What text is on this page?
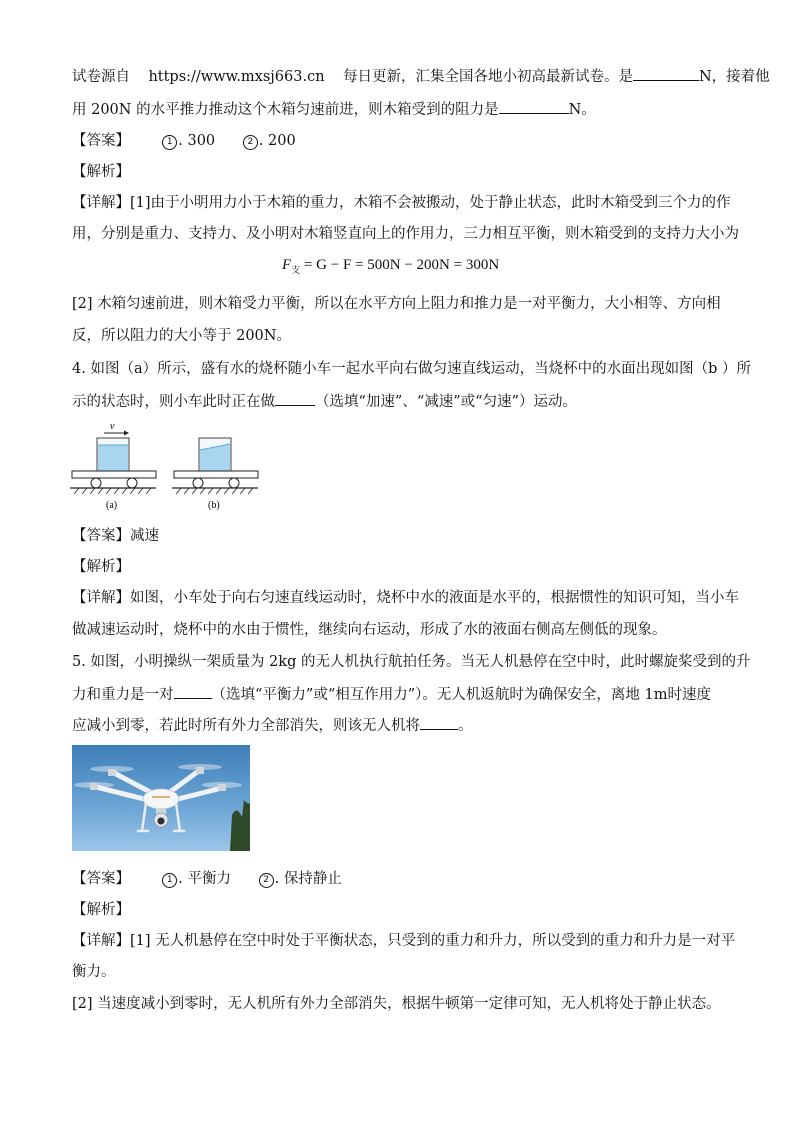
试卷源自 https://www.mxsj663.cn 每日更新，汇集全国各地小初高最新试卷。是	N，接着他
用 200N 的水平推力推动这个木箱匀速前进，则木箱受到的阻力是	N。
【答案】	1 . 300	2 . 200
【解析】
【详解】[1]由于小明用力小于木箱的重力，木箱不会被搬动，处于静止状态，此时木箱受到三个力的作
用，分别是重力、支持力、及小明对木箱竖直向上的作用力，三力相互平衡，则木箱受到的支持力大小为
$F_支 = G - F = 500N - 200N = 300N$
[2] 木箱匀速前进，则木箱受力平衡，所以在水平方向上阻力和推力是一对平衡力，大小相等、方向相
反，所以阻力的大小等于 200N。
4. 如图（a）所示，盛有水的烧杯随小车一起水平向右做匀速直线运动，当烧杯中的水面出现如图（b ）所
示的状态时，则小车此时正在做	（选填“加速”、“减速”或“匀速”）运动。
v
(a)	(b)
【答案】减速
【解析】
【详解】如图，小车处于向右匀速直线运动时，烧杯中水的液面是水平的，根据惯性的知识可知，当小车
做减速运动时，烧杯中的水由于惯性，继续向右运动，形成了水的液面右侧高左侧低的现象。
5. 如图，小明操纵一架质量为 2kg 的无人机执行航拍任务。当无人机悬停在空中时，此时螺旋桨受到的升
力和重力是一对	（选填“平衡力”或“相互作用力”）。无人机返航时为确保安全，离地 1m时速度
应减小到零，若此时所有外力全部消失，则该无人机将	。
【答案】	1 . 平衡力	2 . 保持静止
【解析】
【详解】[1] 无人机悬停在空中时处于平衡状态，只受到的重力和升力，所以受到的重力和升力是一对平
衡力。
[2] 当速度减小到零时，无人机所有外力全部消失，根据牛顿第一定律可知，无人机将处于静止状态。
